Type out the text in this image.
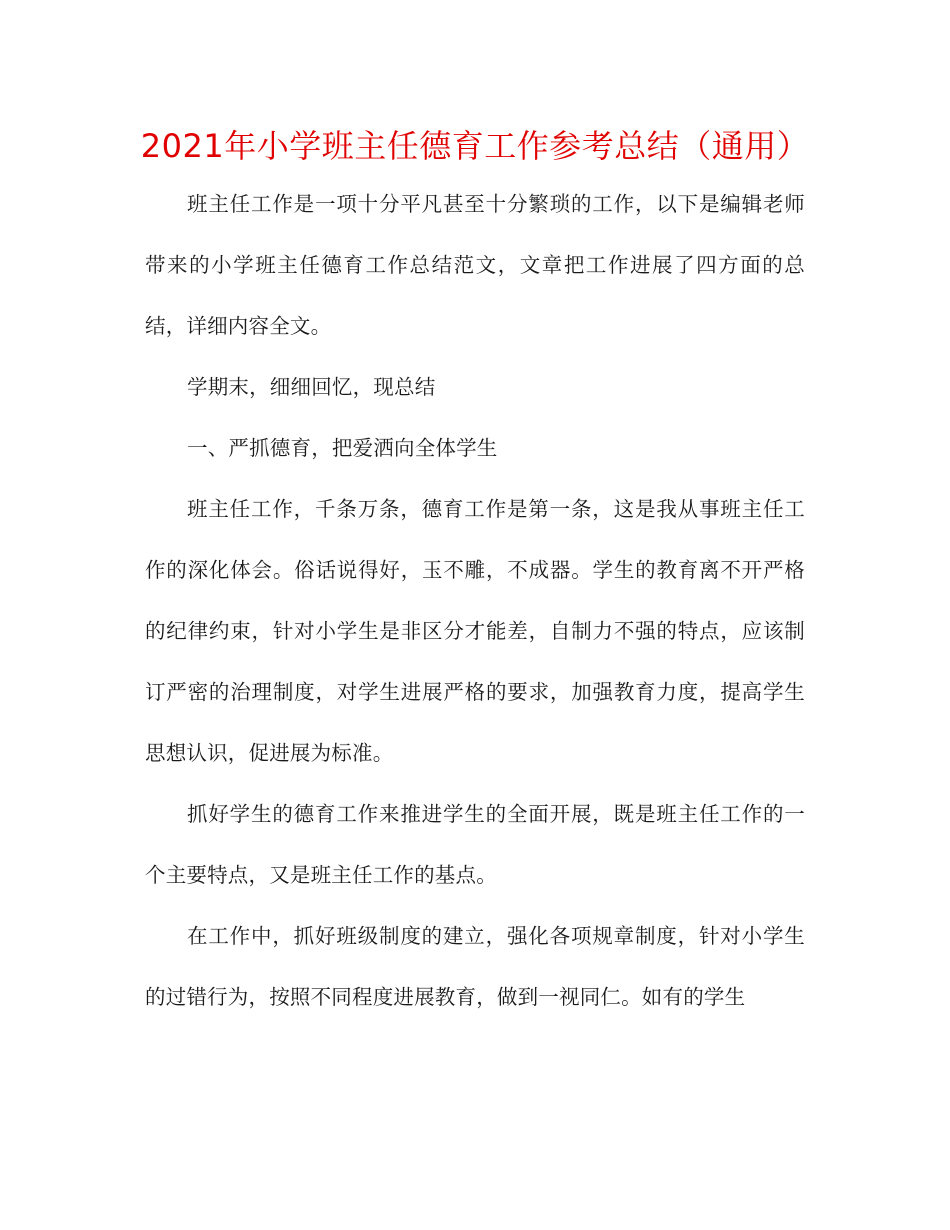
2021年小学班主任德育工作参考总结（通用）

班主任工作是一项十分平凡甚至十分繁琐的工作，以下是编辑老师带来的小学班主任德育工作总结范文，文章把工作进展了四方面的总结，详细内容全文。

学期末，细细回忆，现总结

一、严抓德育，把爱洒向全体学生

班主任工作，千条万条，德育工作是第一条，这是我从事班主任工作的深化体会。俗话说得好，玉不雕，不成器。学生的教育离不开严格的纪律约束，针对小学生是非区分才能差，自制力不强的特点，应该制订严密的治理制度，对学生进展严格的要求，加强教育力度，提高学生思想认识，促进展为标准。

抓好学生的德育工作来推进学生的全面开展，既是班主任工作的一个主要特点，又是班主任工作的基点。

在工作中，抓好班级制度的建立，强化各项规章制度，针对小学生的过错行为，按照不同程度进展教育，做到一视同仁。如有的学生
